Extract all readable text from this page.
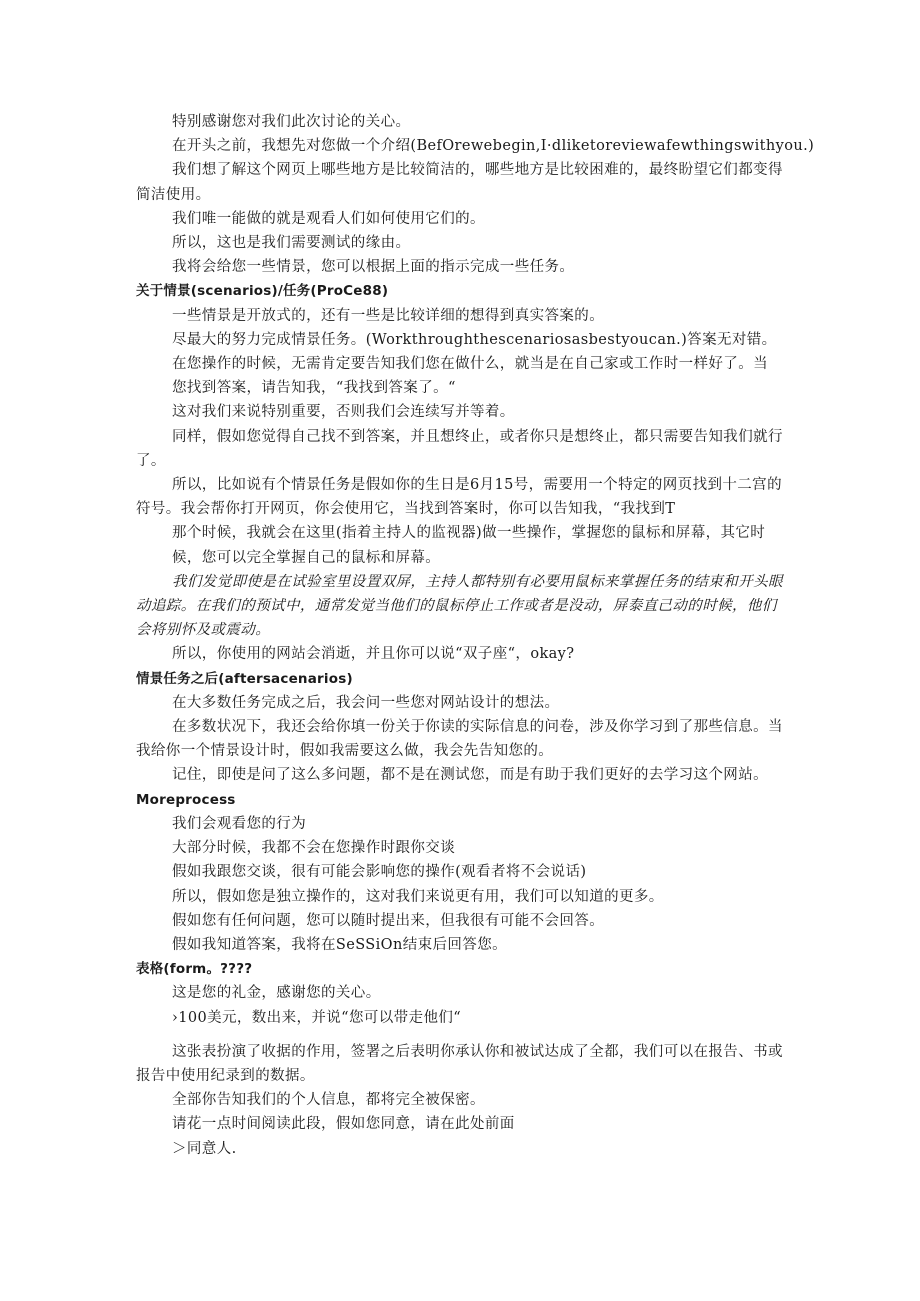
特别感谢您对我们此次讨论的关心。
在开头之前，我想先对您做一个介绍(BefOrewebegin,I·dliketoreviewafewthingswithyou.)
我们想了解这个网页上哪些地方是比较简洁的，哪些地方是比较困难的，最终盼望它们都变得简洁使用。
我们唯一能做的就是观看人们如何使用它们的。
所以，这也是我们需要测试的缘由。
我将会给您一些情景，您可以根据上面的指示完成一些任务。
关于情景(scenarios)/任务(ProCe88)
一些情景是开放式的，还有一些是比较详细的想得到真实答案的。
尽最大的努力完成情景任务。(Workthroughthescenariosasbestyoucan.)答案无对错。
在您操作的时候，无需肯定要告知我们您在做什么，就当是在自己家或工作时一样好了。当
您找到答案，请告知我，“我找到答案了。“
这对我们来说特别重要，否则我们会连续写并等着。
同样，假如您觉得自己找不到答案，并且想终止，或者你只是想终止，都只需要告知我们就行了。
所以，比如说有个情景任务是假如你的生日是6月15号，需要用一个特定的网页找到十二宫的符号。我会帮你打开网页，你会使用它，当找到答案时，你可以告知我，“我找到T
那个时候，我就会在这里(指着主持人的监视器)做一些操作，掌握您的鼠标和屏幕，其它时
候，您可以完全掌握自己的鼠标和屏幕。
我们发觉即使是在试验室里设置双屏，主持人都特别有必要用鼠标来掌握任务的结束和开头眼动追踪。在我们的预试中，通常发觉当他们的鼠标停止工作或者是没动，屏泰直己动的时候，他们会将别怀及或震动。
所以，你使用的网站会消逝，并且你可以说“双子座“，okay?
情景任务之后(aftersacenarios)
在大多数任务完成之后，我会问一些您对网站设计的想法。
在多数状况下，我还会给你填一份关于你读的实际信息的问卷，涉及你学习到了那些信息。当我给你一个情景设计时，假如我需要这么做，我会先告知您的。
记住，即使是问了这么多问题，都不是在测试您，而是有助于我们更好的去学习这个网站。
Moreprocess
我们会观看您的行为
大部分时候，我都不会在您操作时跟你交谈
假如我跟您交谈，很有可能会影响您的操作(观看者将不会说话)
所以，假如您是独立操作的，这对我们来说更有用，我们可以知道的更多。
假如您有任何问题，您可以随时提出来，但我很有可能不会回答。
假如我知道答案，我将在SeSSiOn结束后回答您。
表格(form。????
这是您的礼金，感谢您的关心。
›100美元，数出来，并说“您可以带走他们“
这张表扮演了收据的作用，签署之后表明你承认你和被试达成了全都，我们可以在报告、书或报告中使用纪录到的数据。
全部你告知我们的个人信息，都将完全被保密。
请花一点时间阅读此段，假如您同意，请在此处前面
＞同意人.
